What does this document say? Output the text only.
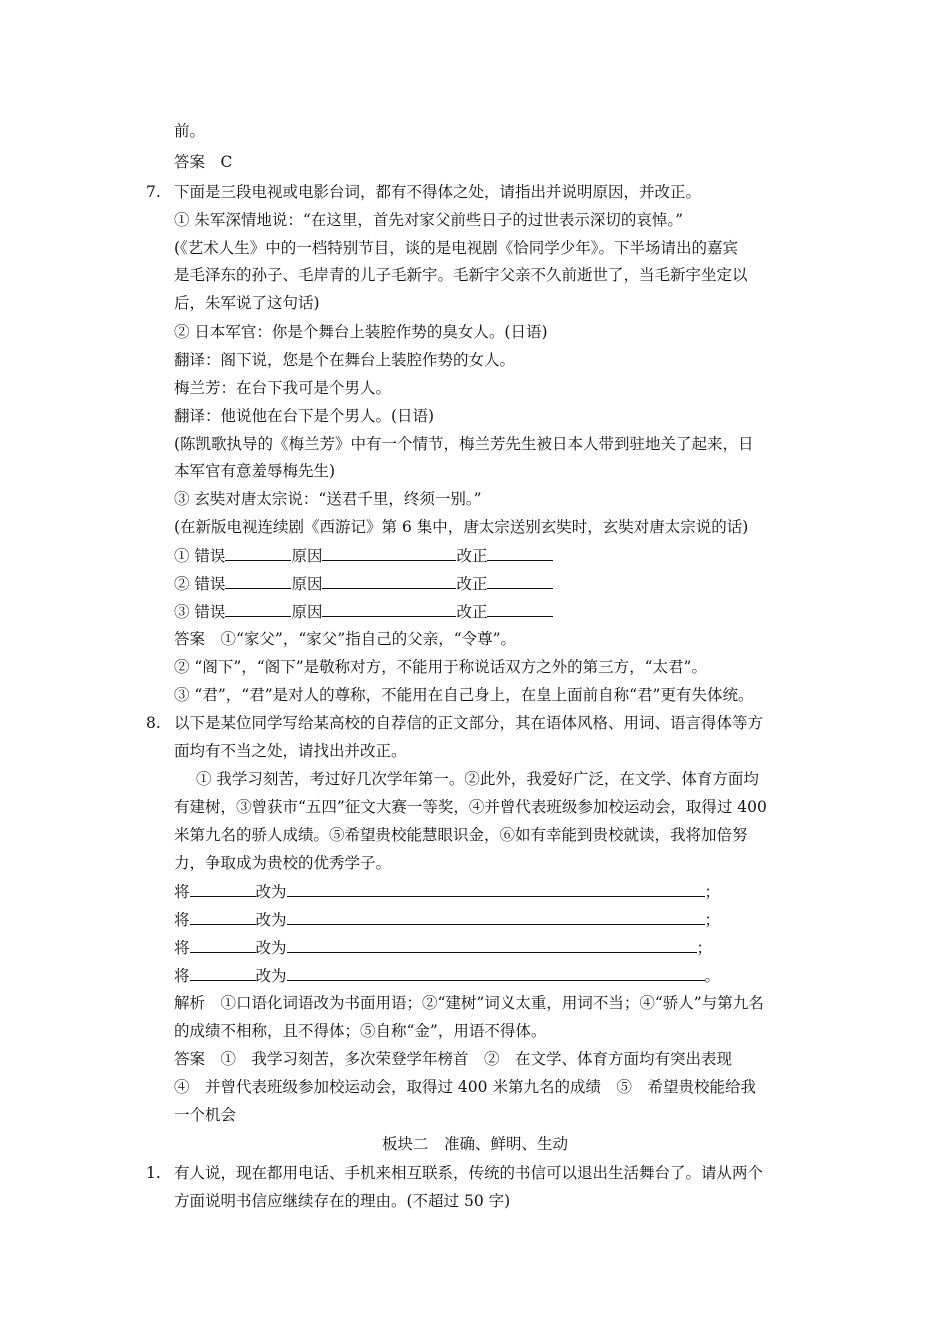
前。
答案　C
7. 下面是三段电视或电影台词，都有不得体之处，请指出并说明原因，并改正。
① 朱军深情地说：“在这里，首先对家父前些日子的过世表示深切的哀悼。”
(《艺术人生》中的一档特别节目，谈的是电视剧《恰同学少年》。下半场请出的嘉宾
是毛泽东的孙子、毛岸青的儿子毛新宇。毛新宇父亲不久前逝世了，当毛新宇坐定以
后，朱军说了这句话)
② 日本军官：你是个舞台上装腔作势的臭女人。(日语)
翻译：阁下说，您是个在舞台上装腔作势的女人。
梅兰芳：在台下我可是个男人。
翻译：他说他在台下是个男人。(日语)
(陈凯歌执导的《梅兰芳》中有一个情节，梅兰芳先生被日本人带到驻地关了起来，日
本军官有意羞辱梅先生)
③ 玄奘对唐太宗说：“送君千里，终须一别。”
(在新版电视连续剧《西游记》第 6 集中，唐太宗送别玄奘时，玄奘对唐太宗说的话)
① 错误	原因	改正
② 错误	原因	改正
③ 错误	原因	改正
答案　①“家父”，“家父”指自己的父亲，“令尊”。
② “阁下”，“阁下”是敬称对方，不能用于称说话双方之外的第三方，“太君”。
③ “君”，“君”是对人的尊称，不能用在自己身上，在皇上面前自称“君”更有失体统。
8. 以下是某位同学写给某高校的自荐信的正文部分，其在语体风格、用词、语言得体等方
面均有不当之处，请找出并改正。
① 我学习刻苦，考过好几次学年第一。②此外，我爱好广泛，在文学、体育方面均
有建树，③曾获市“五四”征文大赛一等奖，④并曾代表班级参加校运动会，取得过 400
米第九名的骄人成绩。⑤希望贵校能慧眼识金，⑥如有幸能到贵校就读，我将加倍努
力，争取成为贵校的优秀学子。
将	改为	；
将	改为	；
将	改为	；
将	改为	。
解析　①口语化词语改为书面用语；②“建树”词义太重，用词不当；④“骄人”与第九名
的成绩不相称，且不得体；⑤自称“金”，用语不得体。
答案　①　我学习刻苦，多次荣登学年榜首　②　在文学、体育方面均有突出表现
④　并曾代表班级参加校运动会，取得过 400 米第九名的成绩　⑤　希望贵校能给我
一个机会
板块二　准确、鲜明、生动
1. 有人说，现在都用电话、手机来相互联系，传统的书信可以退出生活舞台了。请从两个
方面说明书信应继续存在的理由。(不超过 50 字)
